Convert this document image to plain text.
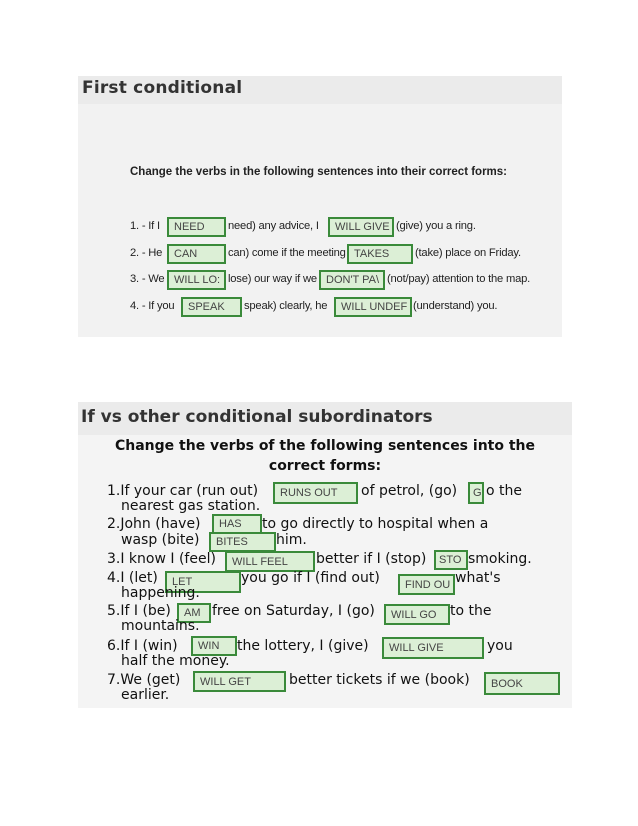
First conditional
Change the verbs in the following sentences into their correct forms:
1. - If I	NEED	need) any advice, I	WILL GIVE (give) you a ring.
2. - He	CAN	can) come if the meeting TAKES	(take) place on Friday.
3. - We WILL LO: lose) our way if we DON'T PA\ (not/pay) attention to the map.
4. - If you	SPEAK	speak) clearly, he	WILL UNDEF (understand) you.
If vs other conditional subordinators
Change the verbs of the following sentences into the
correct forms:
1.If your car (run out)	RUNS OUT	of petrol, (go)	G o the
nearest gas station.
2.John (have)	HAS	to go directly to hospital when a
wasp (bite)	BITES	him.
3.I know I (feel)	WILL FEEL	better if I (stop)	STO smoking.
4.I (let)	LET	you go if I (find out)	FIND OU what's
happening.
5.If I (be)	AM free on Saturday, I (go)	WILL GO to the
mountains.
6.If I (win)	WIN	the lottery, I (give)	WILL GIVE	you
half the money.
7.We (get)	WILL GET	better tickets if we (book)	BOOK
earlier.
